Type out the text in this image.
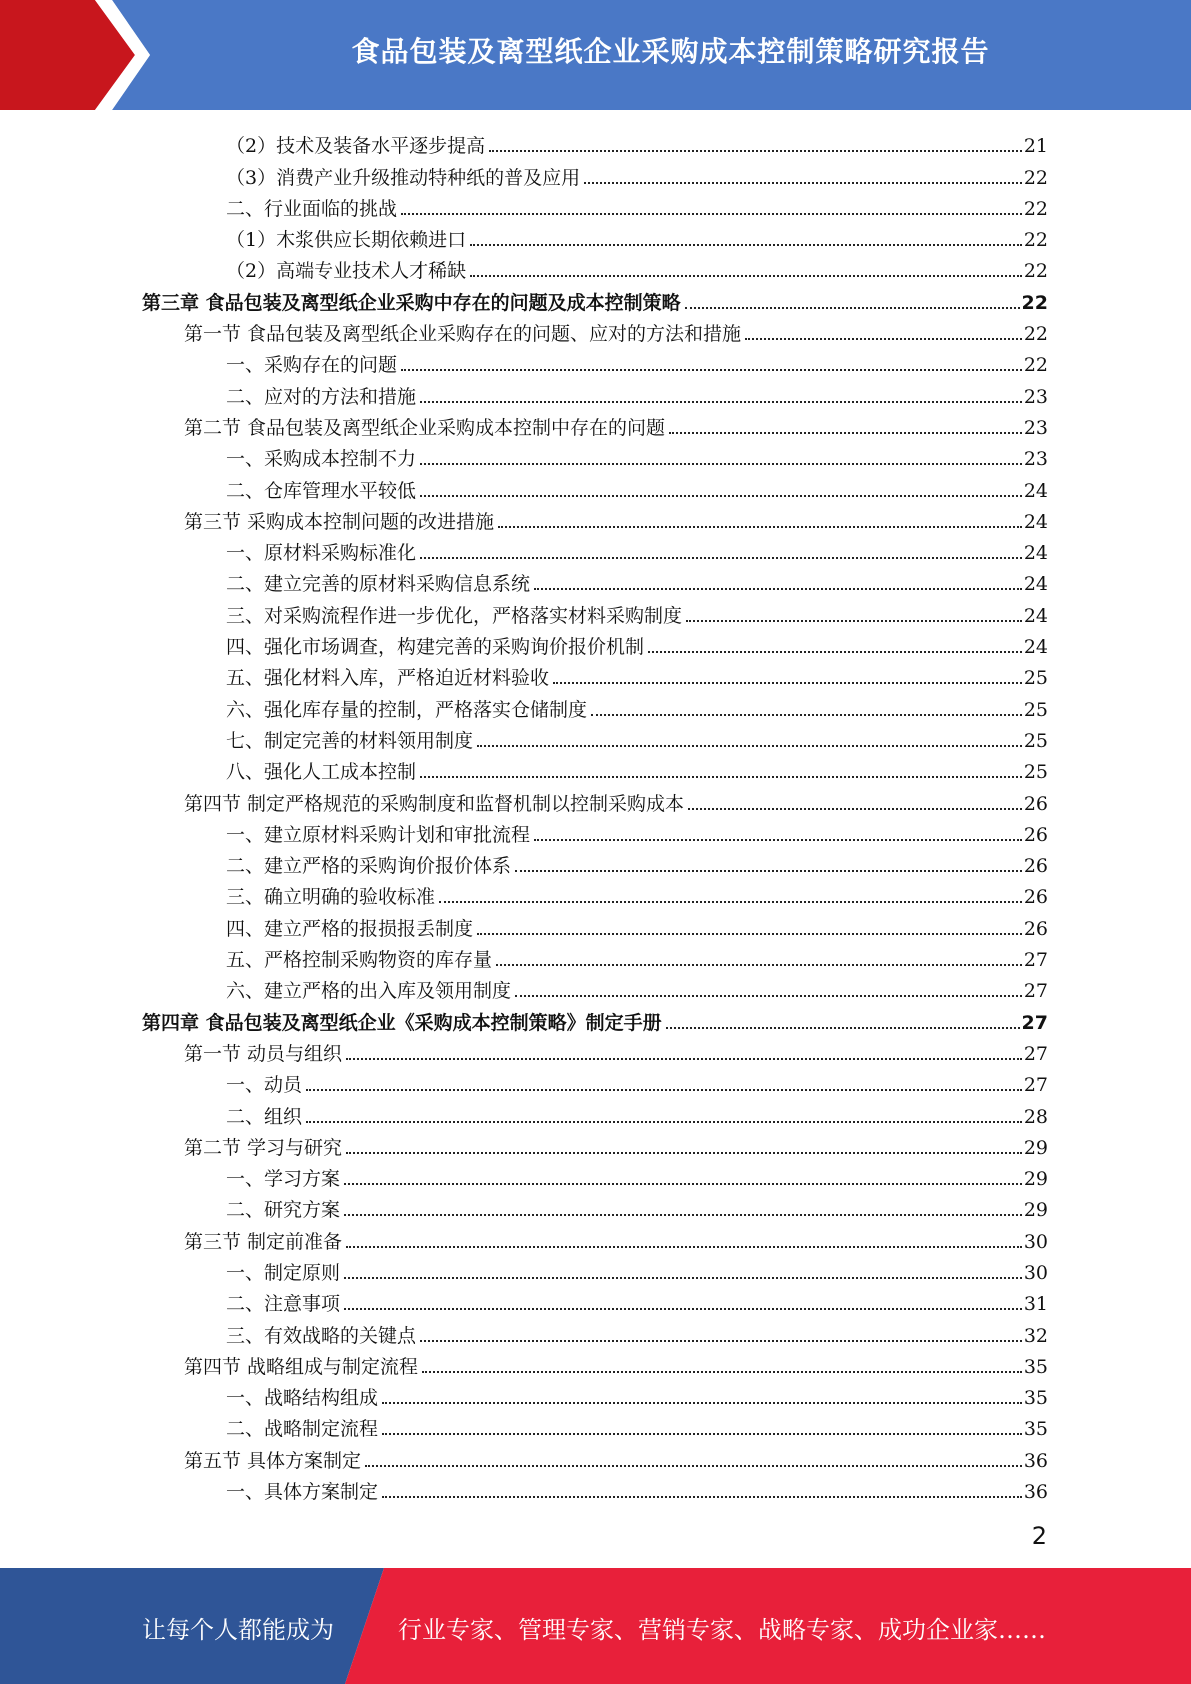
食品包装及离型纸企业采购成本控制策略研究报告
（2）技术及装备水平逐步提高	21
（3）消费产业升级推动特种纸的普及应用	22
二、行业面临的挑战	22
（1）木浆供应长期依赖进口	22
（2）高端专业技术人才稀缺	22
第三章 食品包装及离型纸企业采购中存在的问题及成本控制策略	22
第一节 食品包装及离型纸企业采购存在的问题、应对的方法和措施	22
一、采购存在的问题	22
二、应对的方法和措施	23
第二节 食品包装及离型纸企业采购成本控制中存在的问题	23
一、采购成本控制不力	23
二、仓库管理水平较低	24
第三节 采购成本控制问题的改进措施	24
一、原材料采购标准化	24
二、建立完善的原材料采购信息系统	24
三、对采购流程作进一步优化，严格落实材料采购制度	24
四、强化市场调查，构建完善的采购询价报价机制	24
五、强化材料入库，严格迫近材料验收	25
六、强化库存量的控制，严格落实仓储制度	25
七、制定完善的材料领用制度	25
八、强化人工成本控制	25
第四节 制定严格规范的采购制度和监督机制以控制采购成本	26
一、建立原材料采购计划和审批流程	26
二、建立严格的采购询价报价体系	26
三、确立明确的验收标准	26
四、建立严格的报损报丢制度	26
五、严格控制采购物资的库存量	27
六、建立严格的出入库及领用制度	27
第四章 食品包装及离型纸企业《采购成本控制策略》制定手册	27
第一节 动员与组织	27
一、动员	27
二、组织	28
第二节 学习与研究	29
一、学习方案	29
二、研究方案	29
第三节 制定前准备	30
一、制定原则	30
二、注意事项	31
三、有效战略的关键点	32
第四节 战略组成与制定流程	35
一、战略结构组成	35
二、战略制定流程	35
第五节 具体方案制定	36
一、具体方案制定	36
2
让每个人都能成为	行业专家、管理专家、营销专家、战略专家、成功企业家……
